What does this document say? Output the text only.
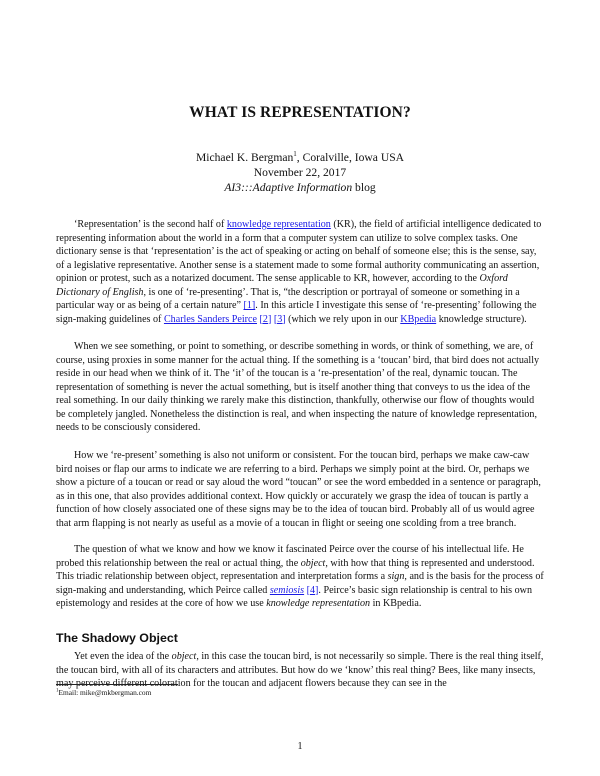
WHAT IS REPRESENTATION?
Michael K. Bergman$^1$, Coralville, Iowa USA
November 22, 2017
AI3:::Adaptive Information blog

‘Representation’ is the second half of knowledge representation (KR), the field of artificial intelligence dedicated to representing information about the world in a form that a computer system can utilize to solve complex tasks. One dictionary sense is that ‘representation’ is the act of speaking or acting on behalf of someone else; this is the sense, say, of a legislative representative. Another sense is a statement made to some formal authority communicating an assertion, opinion or protest, such as a notarized document. The sense applicable to KR, however, according to the Oxford Dictionary of English, is one of ‘re-presenting’. That is, “the description or portrayal of someone or something in a particular way or as being of a certain nature” [1]. In this article I investigate this sense of ‘re-presenting’ following the sign-making guidelines of Charles Sanders Peirce [2] [3] (which we rely upon in our KBpedia knowledge structure).

When we see something, or point to something, or describe something in words, or think of something, we are, of course, using proxies in some manner for the actual thing. If the something is a ‘toucan’ bird, that bird does not actually reside in our head when we think of it. The ‘it’ of the toucan is a ‘re-presentation’ of the real, dynamic toucan. The representation of something is never the actual something, but is itself another thing that conveys to us the idea of the real something. In our daily thinking we rarely make this distinction, thankfully, otherwise our flow of thoughts would be completely jangled. Nonetheless the distinction is real, and when inspecting the nature of knowledge representation, needs to be consciously considered.

How we ‘re-present’ something is also not uniform or consistent. For the toucan bird, perhaps we make caw-caw bird noises or flap our arms to indicate we are referring to a bird. Perhaps we simply point at the bird. Or, perhaps we show a picture of a toucan or read or say aloud the word “toucan” or see the word embedded in a sentence or paragraph, as in this one, that also provides additional context. How quickly or accurately we grasp the idea of toucan is partly a function of how closely associated one of these signs may be to the idea of toucan bird. Probably all of us would agree that arm flapping is not nearly as useful as a movie of a toucan in flight or seeing one scolding from a tree branch.

The question of what we know and how we know it fascinated Peirce over the course of his intellectual life. He probed this relationship between the real or actual thing, the object, with how that thing is represented and understood. This triadic relationship between object, representation and interpretation forms a sign, and is the basis for the process of sign-making and understanding, which Peirce called semiosis [4]. Peirce’s basic sign relationship is central to his own epistemology and resides at the core of how we use knowledge representation in KBpedia.

The Shadowy Object

Yet even the idea of the object, in this case the toucan bird, is not necessarily so simple. There is the real thing itself, the toucan bird, with all of its characters and attributes. But how do we ‘know’ this real thing? Bees, like many insects, may perceive different coloration for the toucan and adjacent flowers because they can see in the

$^1$Email: mike@mkbergman.com
1
